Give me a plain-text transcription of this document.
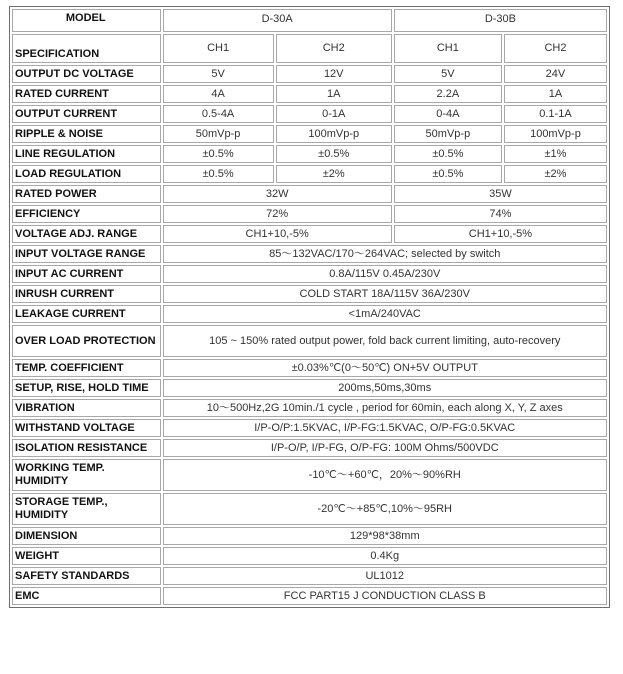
MODEL	D-30A		D-30B	
SPECIFICATION	CH1	CH2	CH1	CH2
OUTPUT DC VOLTAGE	5V	12V	5V	24V
RATED CURRENT	4A	1A	2.2A	1A
OUTPUT CURRENT	0.5-4A	0-1A	0-4A	0.1-1A
RIPPLE & NOISE	50mVp-p	100mVp-p	50mVp-p	100mVp-p
LINE REGULATION	±0.5%	±0.5%	±0.5%	±1%
LOAD REGULATION	±0.5%	±2%	±0.5%	±2%
RATED POWER	32W		35W	
EFFICIENCY	72%		74%	
VOLTAGE ADJ. RANGE	CH1+10,-5%		CH1+10,-5%	
INPUT VOLTAGE RANGE	85～132VAC/170～264VAC; selected by switch			
INPUT AC CURRENT	0.8A/115V 0.45A/230V			
INRUSH CURRENT	COLD START 18A/115V 36A/230V			
LEAKAGE CURRENT	<1mA/240VAC			
OVER LOAD PROTECTION	105 ~ 150% rated output power, fold back current limiting, auto-recovery			
TEMP. COEFFICIENT	±0.03%℃(0～50℃) ON+5V OUTPUT			
SETUP, RISE, HOLD TIME	200ms,50ms,30ms			
VIBRATION	10～500Hz,2G 10min./1 cycle , period for 60min, each along X, Y, Z axes			
WITHSTAND VOLTAGE	I/P-O/P:1.5KVAC, I/P-FG:1.5KVAC, O/P-FG:0.5KVAC			
ISOLATION RESISTANCE	I/P-O/P, I/P-FG, O/P-FG: 100M Ohms/500VDC			
WORKING TEMP. HUMIDITY	-10℃～+60℃，20%～90%RH			
STORAGE TEMP., HUMIDITY	-20℃～+85℃,10%～95RH			
DIMENSION	129*98*38mm			
WEIGHT	0.4Kg			
SAFETY STANDARDS	UL1012			
EMC	FCC PART15 J CONDUCTION CLASS B			
